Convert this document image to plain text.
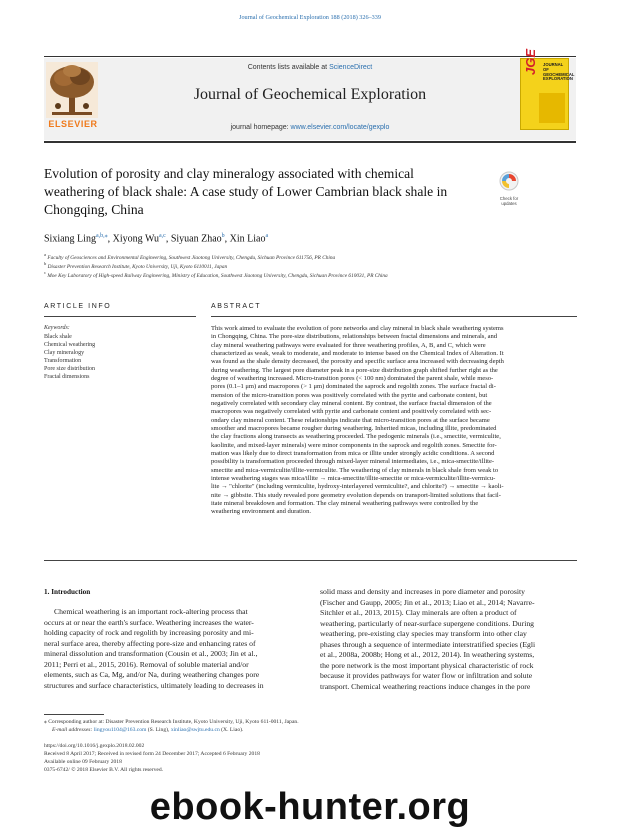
Journal of Geochemical Exploration 188 (2018) 326–339
ELSEVIER
Contents lists available at ScienceDirect
Journal of Geochemical Exploration
journal homepage: www.elsevier.com/locate/gexplo
JOURNAL OF GEOCHEMICAL EXPLORATION
JGE
Evolution of porosity and clay mineralogy associated with chemical weathering of black shale: A case study of Lower Cambrian black shale in Chongqing, China
Check for
updates
Sixiang Ling$^{a,b,⁎}$, Xiyong Wu$^{a,c}$, Siyuan Zhao$^b$, Xin Liao$^a$
$^a$ Faculty of Geosciences and Environmental Engineering, Southwest Jiaotong University, Chengdu, Sichuan Province 611756, PR China
$^b$ Disaster Prevention Research Institute, Kyoto University, Uji, Kyoto 6110011, Japan
$^c$ Moe Key Laboratory of High-speed Railway Engineering, Ministry of Education, Southwest Jiaotong University, Chengdu, Sichuan Province 610031, PR China
ARTICLE INFO	ABSTRACT
Keywords:
Black shale
Chemical weathering
Clay mineralogy
Transformation
Pore size distribution
Fractal dimensions
This work aimed to evaluate the evolution of pore networks and clay mineral in black shale weathering systems
in Chongqing, China. The pore-size distributions, relationships between fractal dimensions and minerals, and
clay mineral weathering pathways were evaluated for three weathering profiles, A, B, and C, which were
characterized as weak, weak to moderate, and moderate to intense based on the Chemical Index of Alteration. It
was found as the shale density decreased, the porosity and specific surface area increased with decreasing depth
during weathering. The largest pore diameter peak in a pore-size distribution graph shifted further right as the
degree of weathering increased. Micro-transition pores (< 100 nm) dominated the parent shale, while meso-
pores (0.1–1 μm) and macropores (> 1 μm) dominated the saprock and regolith zones. The surface fractal di-
mension of the micro-transition pores was positively correlated with the pyrite and carbonate content, but
negatively correlated with secondary clay mineral content. By contrast, the surface fractal dimension of the
macropores was negatively correlated with pyrite and carbonate content and positively correlated with sec-
ondary clay mineral content. These relationships indicate that micro-transition pores at the surface became
smoother and macropores became rougher during weathering. Inherited micas, including illite, predominated
the clay fractions along transects as weathering proceeded. The pedogenic minerals (i.e., smectite, vermiculite,
kaolinite, and mixed-layer minerals) were minor components in the saprock and regolith zones. Smectite for-
mation was likely due to direct transformation from mica or illite under strongly acidic conditions. A second
possibility is transformation proceeded through mixed-layer mineral intermediates, i.e., mica-smectite/illite-
smectite and mica-vermiculite/illite-vermiculite. The weathering of clay minerals in black shale from weak to
intense weathering stages was mica/illite → mica-smectite/illite-smectite or mica-vermiculite/illite-vermicu-
lite → "chlorite" (including vermiculite, hydroxy-interlayered vermiculite?, and chlorite?) → smectite → kaoli-
nite → gibbsite. This study revealed pore geometry evolution depends on transport-limited solutions that facil-
itate mineral breakdown and formation. The clay mineral weathering pathways were controlled by the
weathering environment and duration.
1. Introduction
Chemical weathering is an important rock-altering process that
occurs at or near the earth's surface. Weathering increases the water-
holding capacity of rock and regolith by increasing porosity and mi-
neral surface area, thereby affecting pore-size and enhancing rates of
mineral dissolution and transformation (Cousin et al., 2003; Jin et al.,
2011; Perri et al., 2015, 2016). Removal of soluble material and/or
elements, such as Ca, Mg, and/or Na, during weathering changes pore
structures and surface characteristics, ultimately leading to decreases in
solid mass and density and increases in pore diameter and porosity
(Fischer and Gaupp, 2005; Jin et al., 2013; Liao et al., 2014; Navarre-
Sitchler et al., 2013, 2015). Clay minerals are often a product of
weathering, particularly of near-surface supergene conditions. During
weathering, pre-existing clay species may transform into other clay
phases through a sequence of intermediate interstratified species (Egli
et al., 2008a, 2008b; Hong et al., 2012, 2014). In weathering systems,
the pore network is the most important physical characteristic of rock
because it provides pathways for water flow or infiltration and solute
transport. Chemical weathering reactions induce changes in the pore
⁎ Corresponding author at: Disaster Prevention Research Institute, Kyoto University, Uji, Kyoto 611-0011, Japan.
E-mail addresses: lingyou1104@163.com (S. Ling), xinliao@swjtu.edu.cn (X. Liao).
https://doi.org/10.1016/j.gexplo.2018.02.002
Received 8 April 2017; Received in revised form 24 December 2017; Accepted 6 February 2018
Available online 09 February 2018
0375-6742/ © 2018 Elsevier B.V. All rights reserved.
ebook-hunter.org
